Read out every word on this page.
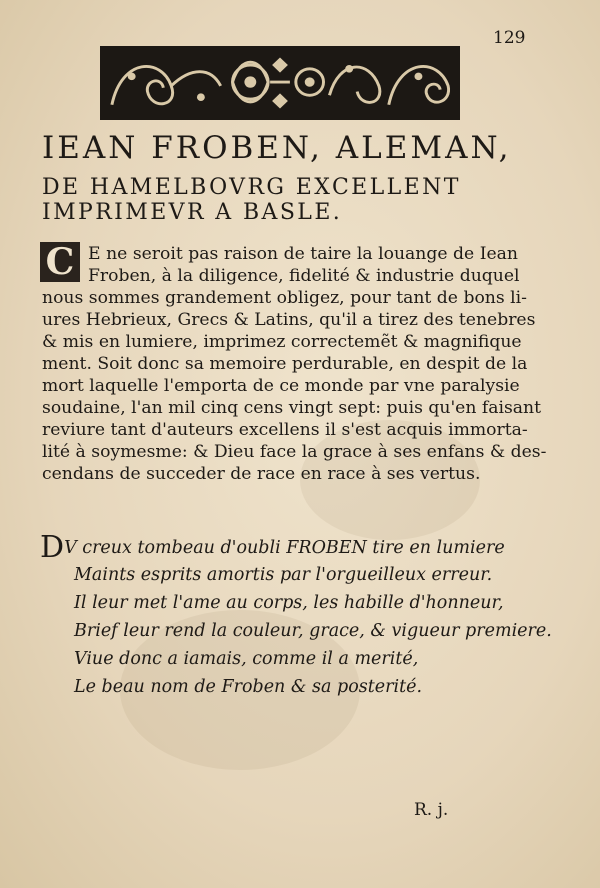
129
IEAN FROBEN, ALEMAN,
DE HAMELBOVRG EXCELLENT
IMPRIMEVR A BASLE.
C E ne seroit pas raison de taire la louange de Iean
Froben, à la diligence, fidelité & industrie duquel
nous sommes grandement obligez, pour tant de bons li-
ures Hebrieux, Grecs & Latins, qu'il a tirez des tenebres
& mis en lumiere, imprimez correctemẽt & magnifique
ment. Soit donc sa memoire perdurable, en despit de la
mort laquelle l'emporta de ce monde par vne paralysie
soudaine, l'an mil cinq cens vingt sept: puis qu'en faisant
reviure tant d'auteurs excellens il s'est acquis immorta-
lité à soymesme: & Dieu face la grace à ses enfans & des-
cendans de succeder de race en race à ses vertus.
DV creux tombeau d'oubli FROBEN tire en lumiere
Maints esprits amortis par l'orgueilleux erreur.
Il leur met l'ame au corps, les habille d'honneur,
Brief leur rend la couleur, grace, & vigueur premiere.
Viue donc a iamais, comme il a merité,
Le beau nom de Froben & sa posterité.
R. j.
